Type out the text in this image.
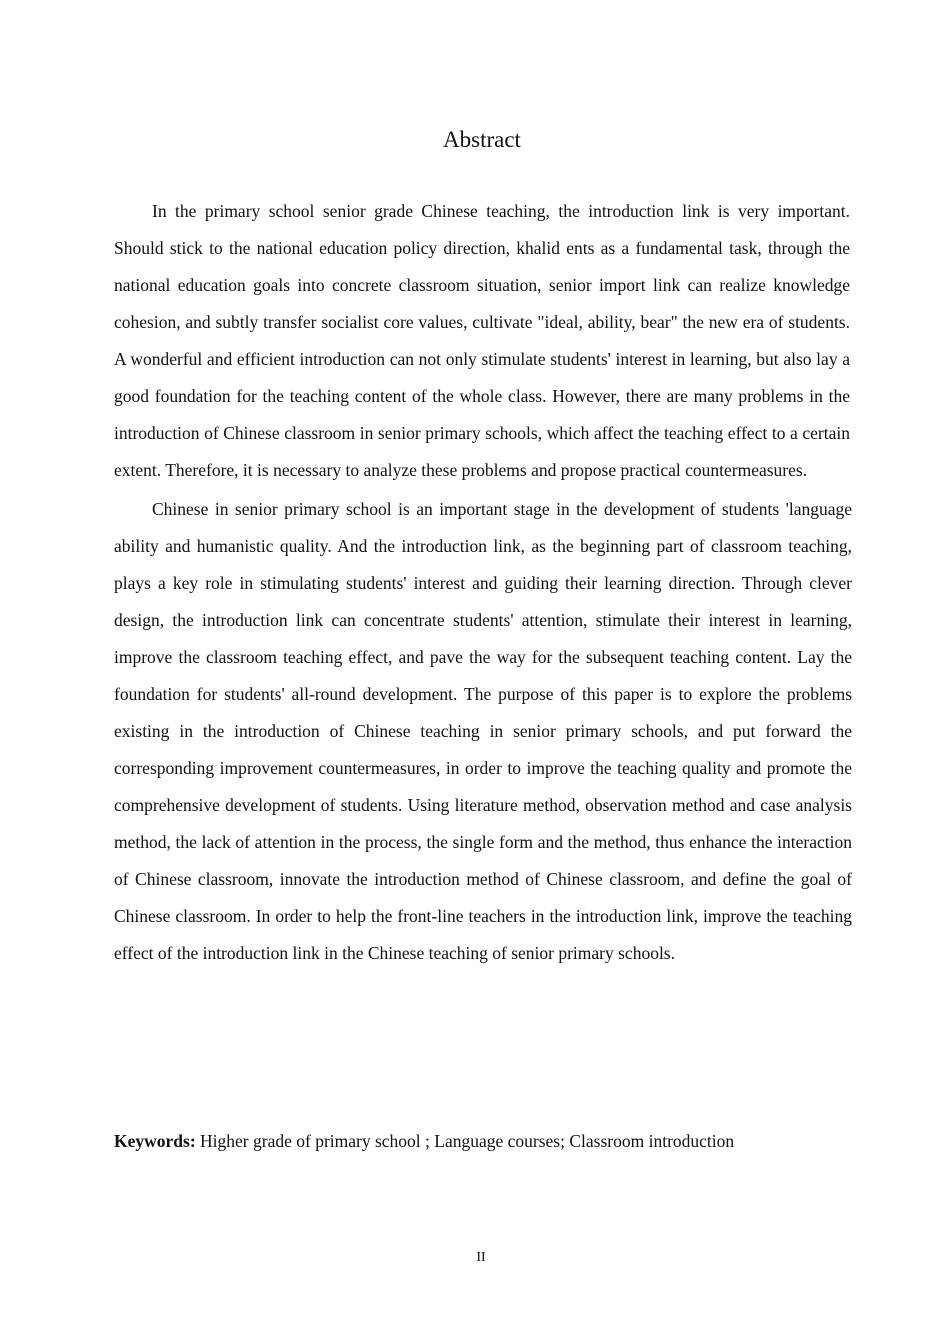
Abstract

In the primary school senior grade Chinese teaching, the introduction link is very important. Should stick to the national education policy direction, khalid ents as a fundamental task, through the national education goals into concrete classroom situation, senior import link can realize knowledge cohesion, and subtly transfer socialist core values, cultivate "ideal, ability, bear" the new era of students. A wonderful and efficient introduction can not only stimulate students' interest in learning, but also lay a good foundation for the teaching content of the whole class. However, there are many problems in the introduction of Chinese classroom in senior primary schools, which affect the teaching effect to a certain extent. Therefore, it is necessary to analyze these problems and propose practical countermeasures.

Chinese in senior primary school is an important stage in the development of students 'language ability and humanistic quality. And the introduction link, as the beginning part of classroom teaching, plays a key role in stimulating students' interest and guiding their learning direction. Through clever design, the introduction link can concentrate students' attention, stimulate their interest in learning, improve the classroom teaching effect, and pave the way for the subsequent teaching content. Lay the foundation for students' all-round development. The purpose of this paper is to explore the problems existing in the introduction of Chinese teaching in senior primary schools, and put forward the corresponding improvement countermeasures, in order to improve the teaching quality and promote the comprehensive development of students. Using literature method, observation method and case analysis method, the lack of attention in the process, the single form and the method, thus enhance the interaction of Chinese classroom, innovate the introduction method of Chinese classroom, and define the goal of Chinese classroom. In order to help the front-line teachers in the introduction link, improve the teaching effect of the introduction link in the Chinese teaching of senior primary schools.

Keywords: Higher grade of primary school ; Language courses; Classroom introduction

II
